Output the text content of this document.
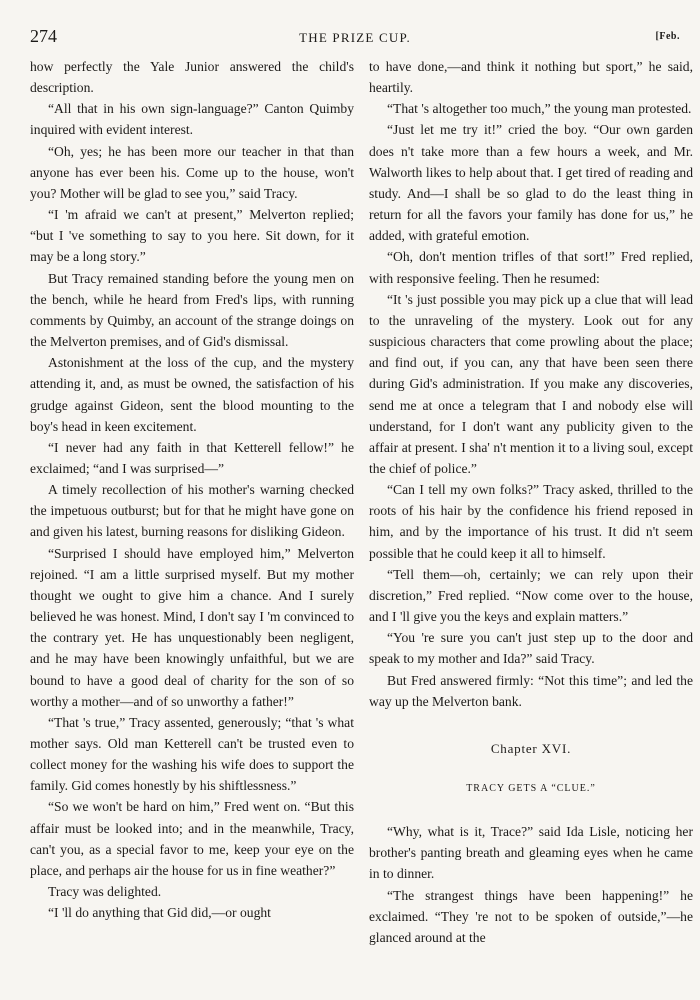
274	THE PRIZE CUP.	[Feb.

how perfectly the Yale Junior answered the child's description.

“All that in his own sign-language?” Canton Quimby inquired with evident interest.

“Oh, yes; he has been more our teacher in that than anyone has ever been his. Come up to the house, won't you? Mother will be glad to see you,” said Tracy.

“I 'm afraid we can't at present,” Melverton replied; “but I 've something to say to you here. Sit down, for it may be a long story.”

But Tracy remained standing before the young men on the bench, while he heard from Fred's lips, with running comments by Quimby, an account of the strange doings on the Melverton premises, and of Gid's dismissal.

Astonishment at the loss of the cup, and the mystery attending it, and, as must be owned, the satisfaction of his grudge against Gideon, sent the blood mounting to the boy's head in keen excitement.

“I never had any faith in that Ketterell fellow!” he exclaimed; “and I was surprised—”

A timely recollection of his mother's warning checked the impetuous outburst; but for that he might have gone on and given his latest, burning reasons for disliking Gideon.

“Surprised I should have employed him,” Melverton rejoined. “I am a little surprised myself. But my mother thought we ought to give him a chance. And I surely believed he was honest. Mind, I don't say I 'm convinced to the contrary yet. He has unquestionably been negligent, and he may have been knowingly unfaithful, but we are bound to have a good deal of charity for the son of so worthy a mother—and of so unworthy a father!”

“That 's true,” Tracy assented, generously; “that 's what mother says. Old man Ketterell can't be trusted even to collect money for the washing his wife does to support the family. Gid comes honestly by his shiftlessness.”

“So we won't be hard on him,” Fred went on. “But this affair must be looked into; and in the meanwhile, Tracy, can't you, as a special favor to me, keep your eye on the place, and perhaps air the house for us in fine weather?”

Tracy was delighted.

“I 'll do anything that Gid did,—or ought

to have done,—and think it nothing but sport,” he said, heartily.

“That 's altogether too much,” the young man protested.

“Just let me try it!” cried the boy. “Our own garden does n't take more than a few hours a week, and Mr. Walworth likes to help about that. I get tired of reading and study. And—I shall be so glad to do the least thing in return for all the favors your family has done for us,” he added, with grateful emotion.

“Oh, don't mention trifles of that sort!” Fred replied, with responsive feeling. Then he resumed:

“It 's just possible you may pick up a clue that will lead to the unraveling of the mystery. Look out for any suspicious characters that come prowling about the place; and find out, if you can, any that have been seen there during Gid's administration. If you make any discoveries, send me at once a telegram that I and nobody else will understand, for I don't want any publicity given to the affair at present. I sha' n't mention it to a living soul, except the chief of police.”

“Can I tell my own folks?” Tracy asked, thrilled to the roots of his hair by the confidence his friend reposed in him, and by the importance of his trust. It did n't seem possible that he could keep it all to himself.

“Tell them—oh, certainly; we can rely upon their discretion,” Fred replied. “Now come over to the house, and I 'll give you the keys and explain matters.”

“You 're sure you can't just step up to the door and speak to my mother and Ida?” said Tracy.

But Fred answered firmly: “Not this time”; and led the way up the Melverton bank.

Chapter XVI.
TRACY GETS A “CLUE.”

“Why, what is it, Trace?” said Ida Lisle, noticing her brother's panting breath and gleaming eyes when he came in to dinner.

“The strangest things have been happening!” he exclaimed. “They 're not to be spoken of outside,”—he glanced around at the
